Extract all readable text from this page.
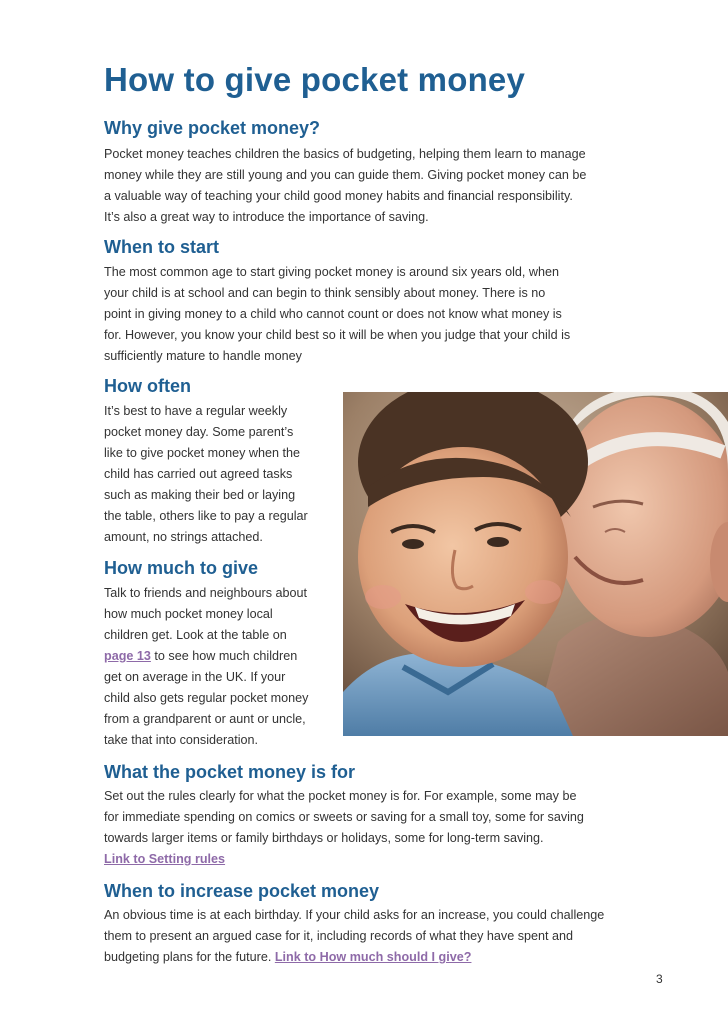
How to give pocket money
Why give pocket money?

Pocket money teaches children the basics of budgeting, helping them learn to manage
money while they are still young and you can guide them. Giving pocket money can be
a valuable way of teaching your child good money habits and financial responsibility.
It’s also a great way to introduce the importance of saving.

When to start

The most common age to start giving pocket money is around six years old, when
your child is at school and can begin to think sensibly about money. There is no
point in giving money to a child who cannot count or does not know what money is
for. However, you know your child best so it will be when you judge that your child is
sufficiently mature to handle money

How often

It’s best to have a regular weekly
pocket money day. Some parent’s
like to give pocket money when the
child has carried out agreed tasks
such as making their bed or laying
the table, others like to pay a regular
amount, no strings attached.

How much to give

Talk to friends and neighbours about
how much pocket money local
children get. Look at the table on
page 13 to see how much children
get on average in the UK. If your
child also gets regular pocket money
from a grandparent or aunt or uncle,
take that into consideration.

What the pocket money is for

Set out the rules clearly for what the pocket money is for. For example, some may be
for immediate spending on comics or sweets or saving for a small toy, some for saving
towards larger items or family birthdays or holidays, some for long-term saving.
Link to Setting rules

When to increase pocket money

An obvious time is at each birthday. If your child asks for an increase, you could challenge
them to present an argued case for it, including records of what they have spent and
budgeting plans for the future. Link to How much should I give?

3
